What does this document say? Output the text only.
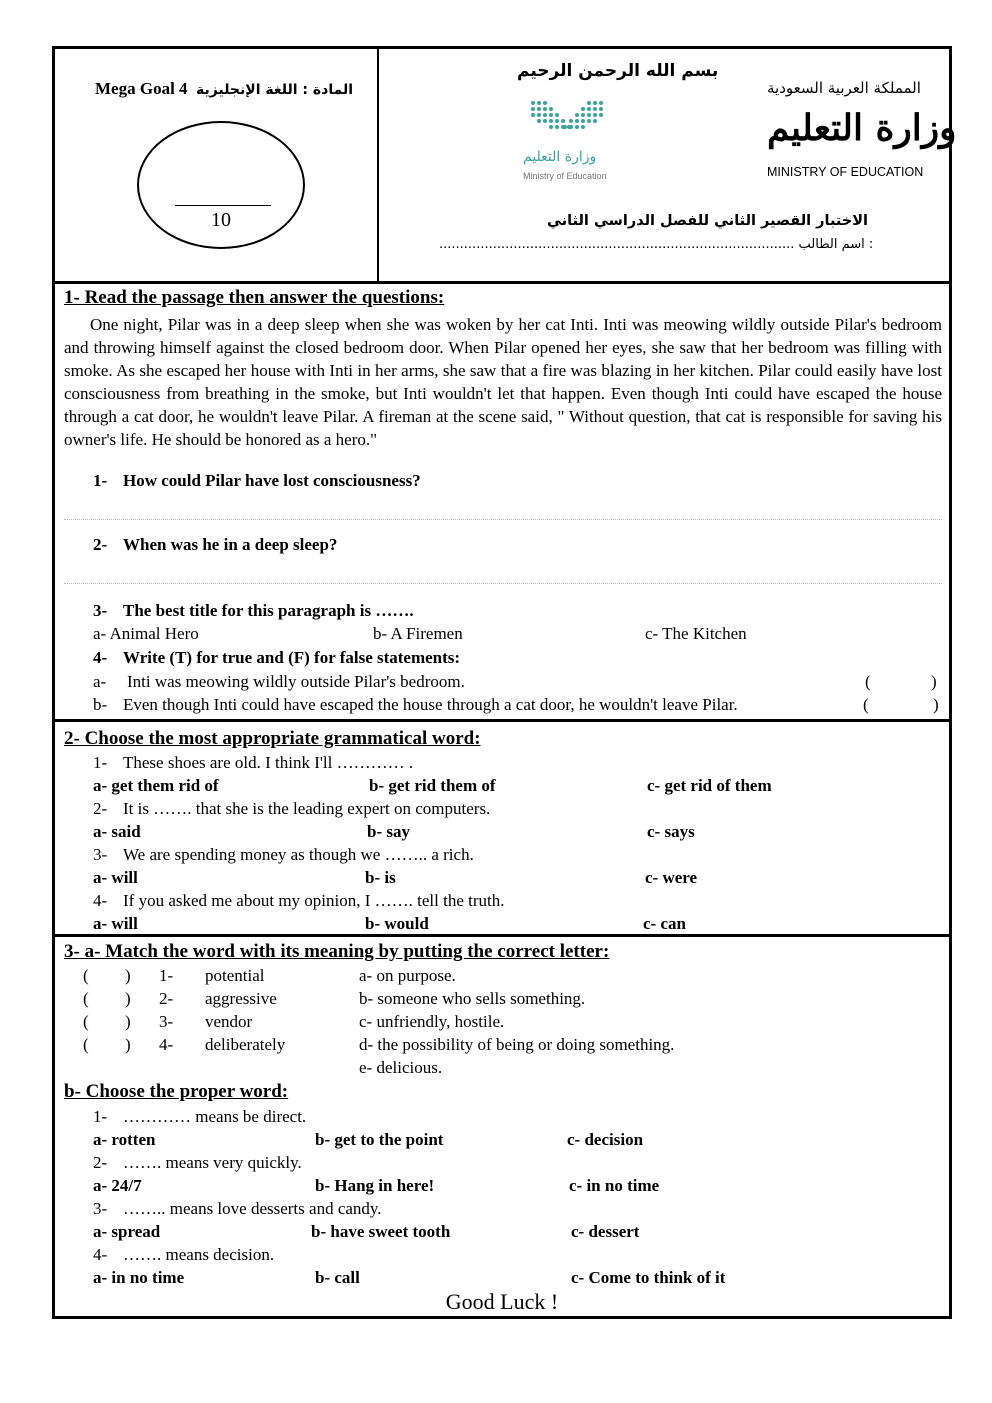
Mega Goal 4 المادة : اللغة الإنجليزية
10
بسم الله الرحمن الرحيم
وزارة التعليم
Ministry of Education
المملكة العربية السعودية
وزارة التعليم
MINISTRY OF EDUCATION
الاختبار القصير الثاني للفصل الدراسي الثاني
...................................................................................... اسم الطالب :
1- Read the passage then answer the questions:
One night, Pilar was in a deep sleep when she was woken by her cat Inti. Inti was meowing wildly outside Pilar's bedroom and throwing himself against the closed bedroom door. When Pilar opened her eyes, she saw that her bedroom was filling with smoke. As she escaped her house with Inti in her arms, she saw that a fire was blazing in her kitchen. Pilar could easily have lost consciousness from breathing in the smoke, but Inti wouldn't let that happen. Even though Inti could have escaped the house through a cat door, he wouldn't leave Pilar. A fireman at the scene said, " Without question, that cat is responsible for saving his owner's life. He should be honored as a hero."
1- How could Pilar have lost consciousness?
2- When was he in a deep sleep?
3- The best title for this paragraph is …….
a- Animal Hero	b- A Firemen	c- The Kitchen
4- Write (T) for true and (F) for false statements:
a- Inti was meowing wildly outside Pilar's bedroom.	(	)
b- Even though Inti could have escaped the house through a cat door, he wouldn't leave Pilar.	(	)
2- Choose the most appropriate grammatical word:
1- These shoes are old. I think I'll ………… .
a- get them rid of	b- get rid them of	c- get rid of them
2- It is ……. that she is the leading expert on computers.
a- said	b- say	c- says
3- We are spending money as though we …….. a rich.
a- will	b- is	c- were
4- If you asked me about my opinion, I ……. tell the truth.
a- will	b- would	c- can
3- a- Match the word with its meaning by putting the correct letter:
( ) 1- potential	a- on purpose.
( ) 2- aggressive	b- someone who sells something.
( ) 3- vendor	c- unfriendly, hostile.
( ) 4- deliberately	d- the possibility of being or doing something.
e- delicious.
b- Choose the proper word:
1- ………… means be direct.
a- rotten	b- get to the point	c- decision
2- ……. means very quickly.
a- 24/7	b- Hang in here!	c- in no time
3- …….. means love desserts and candy.
a- spread	b- have sweet tooth	c- dessert
4- ……. means decision.
a- in no time	b- call	c- Come to think of it
Good Luck !
